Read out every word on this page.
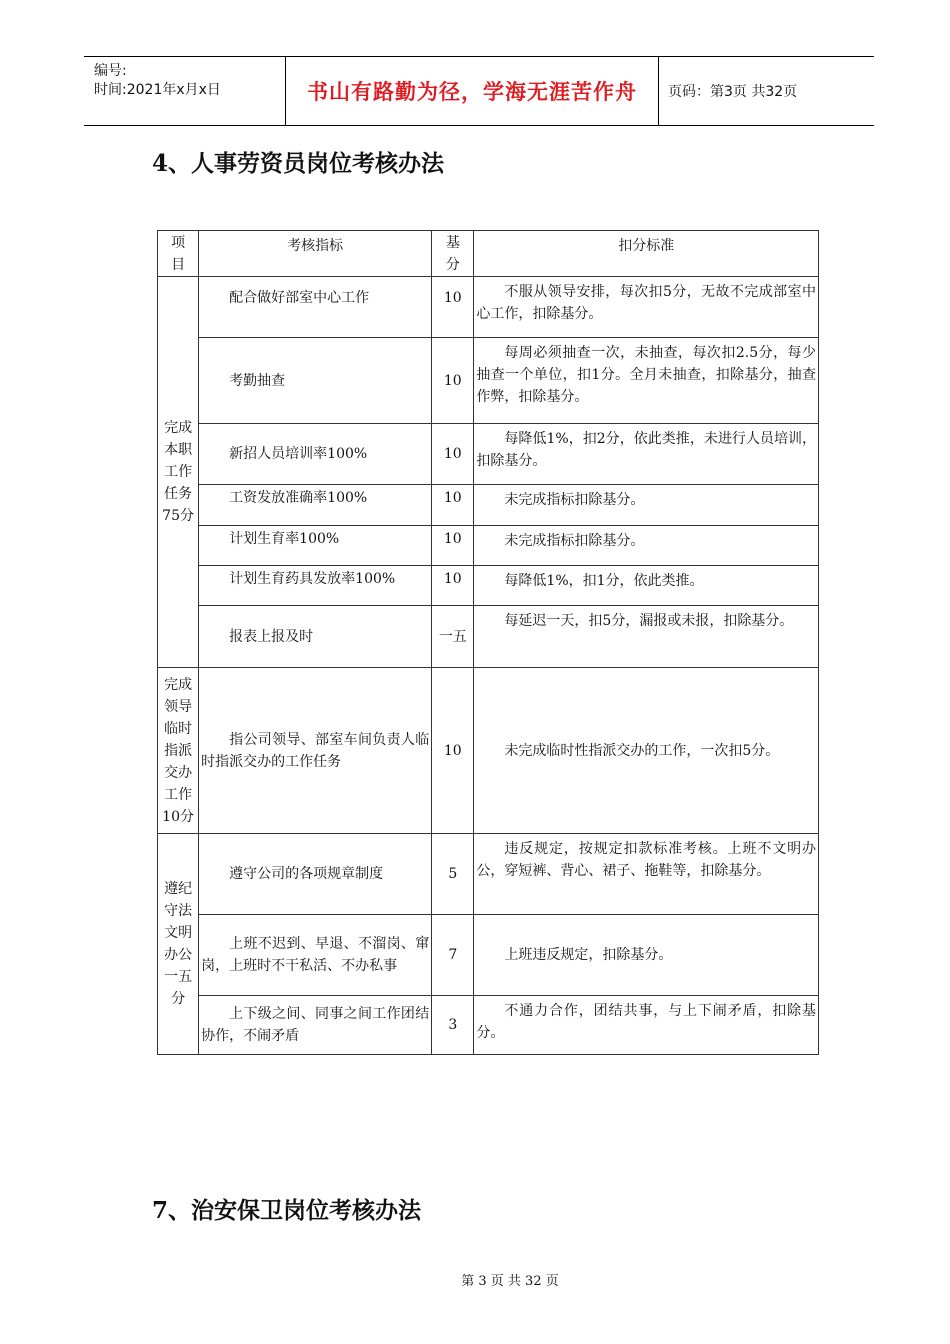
编号:
时间:2021年x月x日	书山有路勤为径，学海无涯苦作舟 页码：第3页 共32页
4、人事劳资员岗位考核办法
项目	考核指标	基分	扣分标准
完成本职工作任务75分	配合做好部室中心工作	10	不服从领导安排，每次扣5分，无故不完成部室中心工作，扣除基分。
	考勤抽查	10	每周必须抽查一次，未抽查，每次扣2.5分，每少抽查一个单位，扣1分。全月未抽查，扣除基分，抽查作弊，扣除基分。
	新招人员培训率100%	10	每降低1%，扣2分，依此类推，未进行人员培训，扣除基分。
	工资发放准确率100%	10	未完成指标扣除基分。
	计划生育率100%	10	未完成指标扣除基分。
	计划生育药具发放率100%	10	每降低1%，扣1分，依此类推。
	报表上报及时	一五	每延迟一天，扣5分，漏报或未报，扣除基分。
完成领导临时指派交办工作10分	指公司领导、部室车间负责人临时指派交办的工作任务	10	未完成临时性指派交办的工作，一次扣5分。
遵纪守法文明办公一五分	遵守公司的各项规章制度	5	违反规定，按规定扣款标准考核。上班不文明办公，穿短裤、背心、裙子、拖鞋等，扣除基分。
	上班不迟到、早退、不溜岗、窜岗，上班时不干私活、不办私事	7	上班违反规定，扣除基分。
	上下级之间、同事之间工作团结协作，不闹矛盾	3	不通力合作，团结共事，与上下闹矛盾，扣除基分。
7、治安保卫岗位考核办法
第 3 页 共 32 页
